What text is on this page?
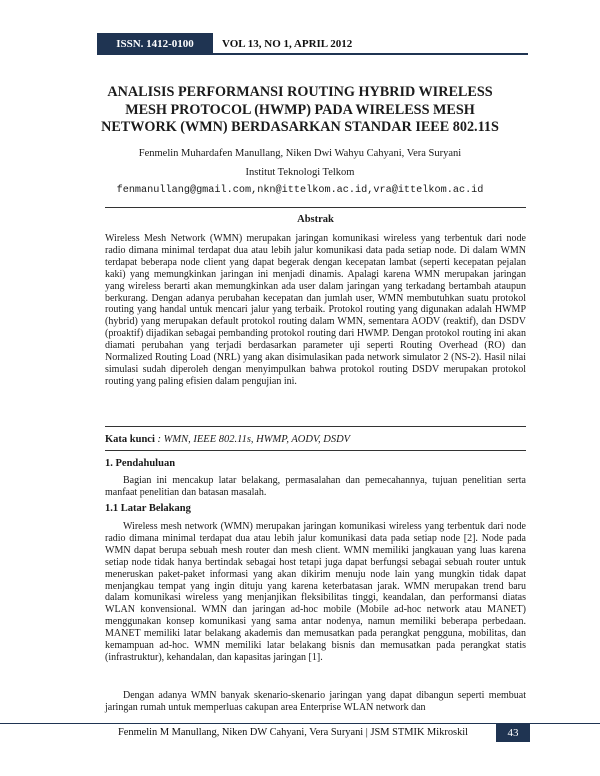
ISSN. 1412-0100	VOL 13, NO 1, APRIL 2012
ANALISIS PERFORMANSI ROUTING HYBRID WIRELESS MESH PROTOCOL (HWMP) PADA WIRELESS MESH NETWORK (WMN) BERDASARKAN STANDAR IEEE 802.11S
Fenmelin Muhardafen Manullang, Niken Dwi Wahyu Cahyani, Vera Suryani
Institut Teknologi Telkom
fenmanullang@gmail.com,nkn@ittelkom.ac.id,vra@ittelkom.ac.id
Abstrak
Wireless Mesh Network (WMN) merupakan jaringan komunikasi wireless yang terbentuk dari node radio dimana minimal terdapat dua atau lebih jalur komunikasi data pada setiap node. Di dalam WMN terdapat beberapa node client yang dapat begerak dengan kecepatan lambat (seperti kecepatan pejalan kaki) yang memungkinkan jaringan ini menjadi dinamis. Apalagi karena WMN merupakan jaringan yang wireless berarti akan memungkinkan ada user dalam jaringan yang terkadang bertambah ataupun berkurang. Dengan adanya perubahan kecepatan dan jumlah user, WMN membutuhkan suatu protokol routing yang handal untuk mencari jalur yang terbaik. Protokol routing yang digunakan adalah HWMP (hybrid) yang merupakan default protokol routing dalam WMN, sementara AODV (reaktif), dan DSDV (proaktif) dijadikan sebagai pembanding protokol routing dari HWMP. Dengan protokol routing ini akan diamati perubahan yang terjadi berdasarkan parameter uji seperti Routing Overhead (RO) dan Normalized Routing Load (NRL) yang akan disimulasikan pada network simulator 2 (NS-2). Hasil nilai simulasi sudah diperoleh dengan menyimpulkan bahwa protokol routing DSDV merupakan protokol routing yang paling efisien dalam pengujian ini.
Kata kunci : WMN, IEEE 802.11s, HWMP, AODV, DSDV
1. Pendahuluan
Bagian ini mencakup latar belakang, permasalahan dan pemecahannya, tujuan penelitian serta manfaat penelitian dan batasan masalah.
1.1 Latar Belakang
Wireless mesh network (WMN) merupakan jaringan komunikasi wireless yang terbentuk dari node radio dimana minimal terdapat dua atau lebih jalur komunikasi data pada setiap node [2]. Node pada WMN dapat berupa sebuah mesh router dan mesh client. WMN memiliki jangkauan yang luas karena setiap node tidak hanya bertindak sebagai host tetapi juga dapat berfungsi sebagai sebuah router untuk meneruskan paket-paket informasi yang akan dikirim menuju node lain yang mungkin tidak dapat menjangkau tempat yang ingin dituju yang karena keterbatasan jarak. WMN merupakan trend baru dalam komunikasi wireless yang menjanjikan fleksibilitas tinggi, keandalan, dan performansi diatas WLAN konvensional. WMN dan jaringan ad-hoc mobile (Mobile ad-hoc network atau MANET) menggunakan konsep komunikasi yang sama antar nodenya, namun memiliki beberapa perbedaan. MANET memiliki latar belakang akademis dan memusatkan pada perangkat pengguna, mobilitas, dan kemampuan ad-hoc. WMN memiliki latar belakang bisnis dan memusatkan pada perangkat statis (infrastruktur), kehandalan, dan kapasitas jaringan [1].
Dengan adanya WMN banyak skenario-skenario jaringan yang dapat dibangun seperti membuat jaringan rumah untuk memperluas cakupan area Enterprise WLAN network dan
Fenmelin M Manullang, Niken DW Cahyani, Vera Suryani | JSM STMIK Mikroskil	43
